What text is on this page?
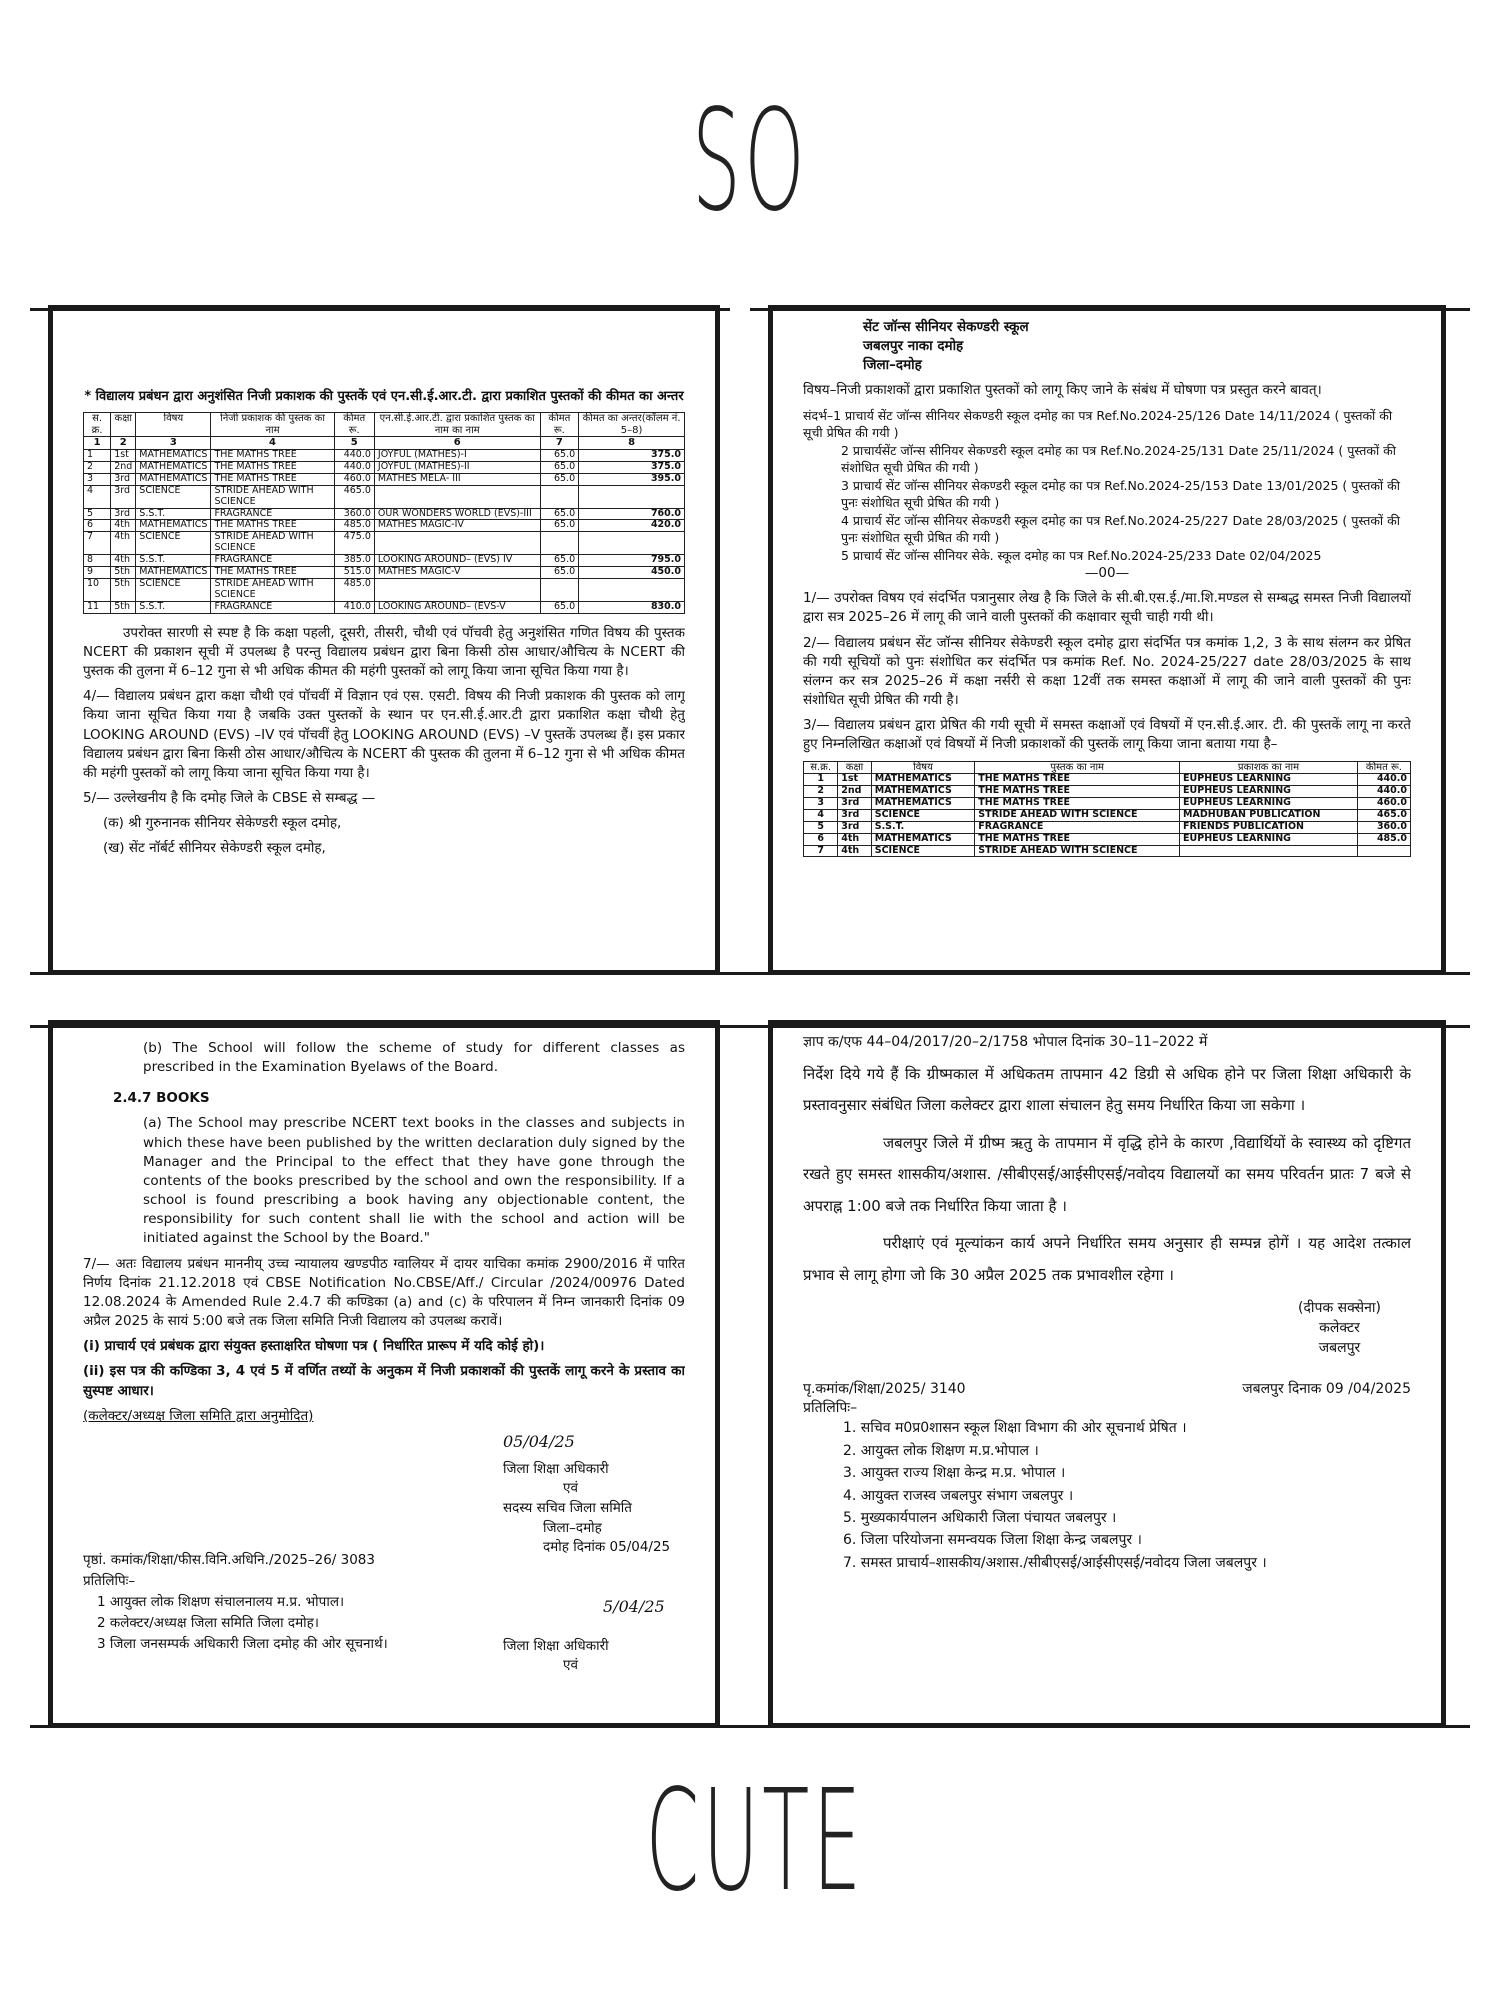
SO

* विद्यालय प्रबंधन द्वारा अनुशंसित निजी प्रकाशक की पुस्तकें एवं एन.सी.ई.आर.टी. द्वारा प्रकाशित पुस्तकों की कीमत का अन्तर

स. क्र.	कक्षा	विषय	निजी प्रकाशक की पुस्तक का नाम	कीमत रू.	एन.सी.ई.आर.टी. द्वारा प्रकाशित पुस्तक का नाम का नाम	कीमत रू.	कीमत का अन्तर(कॉलम नं. 5–8)
1	2	3	4	5	6	7	8
1	1st	MATHEMATICS	THE MATHS TREE	440.0	JOYFUL (MATHES)-I	65.0	375.0
2	2nd	MATHEMATICS	THE MATHS TREE	440.0	JOYFUL (MATHES)-II	65.0	375.0
3	3rd	MATHEMATICS	THE MATHS TREE	460.0	MATHES MELA- III	65.0	395.0
4	3rd	SCIENCE	STRIDE AHEAD WITH SCIENCE	465.0			
5	3rd	S.S.T.	FRAGRANCE	360.0	OUR WONDERS WORLD (EVS)-III	65.0	760.0
6	4th	MATHEMATICS	THE MATHS TREE	485.0	MATHES MAGIC-IV	65.0	420.0
7	4th	SCIENCE	STRIDE AHEAD WITH SCIENCE	475.0			
8	4th	S.S.T.	FRAGRANCE	385.0	LOOKING AROUND– (EVS) IV	65.0	795.0
9	5th	MATHEMATICS	THE MATHS TREE	515.0	MATHES MAGIC-V	65.0	450.0
10	5th	SCIENCE	STRIDE AHEAD WITH SCIENCE	485.0			
11	5th	S.S.T.	FRAGRANCE	410.0	LOOKING AROUND– (EVS-V	65.0	830.0

उपरोक्त सारणी से स्पष्ट है कि कक्षा पहली, दूसरी, तीसरी, चौथी एवं पॉचवी हेतु अनुशंसित गणित विषय की पुस्तक NCERT की प्रकाशन सूची में उपलब्ध है परन्तु विद्यालय प्रबंधन द्वारा बिना किसी ठोस आधार/औचित्य के NCERT की पुस्तक की तुलना में 6–12 गुना से भी अधिक कीमत की महंगी पुस्तकों को लागू किया जाना सूचित किया गया है।

4/— विद्यालय प्रबंधन द्वारा कक्षा चौथी एवं पॉचवीं में विज्ञान एवं एस. एसटी. विषय की निजी प्रकाशक की पुस्तक को लागू किया जाना सूचित किया गया है जबकि उक्त पुस्तकों के स्थान पर एन.सी.ई.आर.टी द्वारा प्रकाशित कक्षा चौथी हेतु LOOKING AROUND (EVS) –IV एवं पॉचवीं हेतु LOOKING AROUND (EVS) –V पुस्तकें उपलब्ध हैं। इस प्रकार विद्यालय प्रबंधन द्वारा बिना किसी ठोस आधार/औचित्य के NCERT की पुस्तक की तुलना में 6–12 गुना से भी अधिक कीमत की महंगी पुस्तकों को लागू किया जाना सूचित किया गया है।

5/— उल्लेखनीय है कि दमोह जिले के CBSE से सम्बद्ध —

(क) श्री गुरुनानक सीनियर सेकेण्डरी स्कूल दमोह,

(ख) सेंट नॉर्बर्ट सीनियर सेकेण्डरी स्कूल दमोह,

सेंट जॉन्स सीनियर सेकण्डरी स्कूल

जबलपुर नाका दमोह

जिला–दमोह

विषय–निजी प्रकाशकों द्वारा प्रकाशित पुस्तकों को लागू किए जाने के संबंध में घोषणा पत्र प्रस्तुत करने बावत्।

संदर्भ–1 प्राचार्य सेंट जॉन्स सीनियर सेकण्डरी स्कूल दमोह का पत्र Ref.No.2024-25/126 Date 14/11/2024 ( पुस्तकों की सूची प्रेषित की गयी )
2 प्राचार्यसेंट जॉन्स सीनियर सेकण्डरी स्कूल दमोह का पत्र Ref.No.2024-25/131 Date 25/11/2024 ( पुस्तकों की संशोधित सूची प्रेषित की गयी )
3 प्राचार्य सेंट जॉन्स सीनियर सेकण्डरी स्कूल दमोह का पत्र Ref.No.2024-25/153 Date 13/01/2025 ( पुस्तकों की पुनः संशोधित सूची प्रेषित की गयी )
4 प्राचार्य सेंट जॉन्स सीनियर सेकण्डरी स्कूल दमोह का पत्र Ref.No.2024-25/227 Date 28/03/2025 ( पुस्तकों की पुनः संशोधित सूची प्रेषित की गयी )
5 प्राचार्य सेंट जॉन्स सीनियर सेके. स्कूल दमोह का पत्र Ref.No.2024-25/233 Date 02/04/2025

—00—

1/— उपरोक्त विषय एवं संदर्भित पत्रानुसार लेख है कि जिले के सी.बी.एस.ई./मा.शि.मण्डल से सम्बद्ध समस्त निजी विद्यालयों द्वारा सत्र 2025–26 में लागू की जाने वाली पुस्तकों की कक्षावार सूची चाही गयी थी।

2/— विद्यालय प्रबंधन सेंट जॉन्स सीनियर सेकेण्डरी स्कूल दमोह द्वारा संदर्भित पत्र कमांक 1,2, 3 के साथ संलग्न कर प्रेषित की गयी सूचियों को पुनः संशोधित कर संदर्भित पत्र कमांक Ref. No. 2024-25/227 date 28/03/2025 के साथ संलग्न कर सत्र 2025–26 में कक्षा नर्सरी से कक्षा 12वीं तक समस्त कक्षाओं में लागू की जाने वाली पुस्तकों की पुनः संशोधित सूची प्रेषित की गयी है।

3/— विद्यालय प्रबंधन द्वारा प्रेषित की गयी सूची में समस्त कक्षाओं एवं विषयों में एन.सी.ई.आर. टी. की पुस्तकें लागू ना करते हुए निम्नलिखित कक्षाओं एवं विषयों में निजी प्रकाशकों की पुस्तकें लागू किया जाना बताया गया है–

स.क्र.	कक्षा	विषय	पुस्तक का नाम	प्रकाशक का नाम	कीमत रू.
1	1st	MATHEMATICS	THE MATHS TREE	EUPHEUS LEARNING	440.0
2	2nd	MATHEMATICS	THE MATHS TREE	EUPHEUS LEARNING	440.0
3	3rd	MATHEMATICS	THE MATHS TREE	EUPHEUS LEARNING	460.0
4	3rd	SCIENCE	STRIDE AHEAD WITH SCIENCE	MADHUBAN PUBLICATION	465.0
5	3rd	S.S.T.	FRAGRANCE	FRIENDS PUBLICATION	360.0
6	4th	MATHEMATICS	THE MATHS TREE	EUPHEUS LEARNING	485.0
7	4th	SCIENCE	STRIDE AHEAD WITH SCIENCE		

(b) The School will follow the scheme of study for different classes as prescribed in the Examination Byelaws of the Board.

2.4.7 BOOKS

(a) The School may prescribe NCERT text books in the classes and subjects in which these have been published by the written declaration duly signed by the Manager and the Principal to the effect that they have gone through the contents of the books prescribed by the school and own the responsibility. If a school is found prescribing a book having any objectionable content, the responsibility for such content shall lie with the school and action will be initiated against the School by the Board."

7/— अतः विद्यालय प्रबंधन माननीय् उच्च न्यायालय खण्डपीठ ग्वालियर में दायर याचिका कमांक 2900/2016 में पारित निर्णय दिनांक 21.12.2018 एवं CBSE Notification No.CBSE/Aff./ Circular /2024/00976 Dated 12.08.2024 के Amended Rule 2.4.7 की कण्डिका (a) and (c) के परिपालन में निम्न जानकारी दिनांक 09 अप्रैल 2025 के सायं 5:00 बजे तक जिला समिति निजी विद्यालय को उपलब्ध करावें।

(i) प्राचार्य एवं प्रबंधक द्वारा संयुक्त हस्ताक्षरित घोषणा पत्र ( निर्धारित प्रारूप में यदि कोई हो)।

(ii) इस पत्र की कण्डिका 3, 4 एवं 5 में वर्णित तथ्यों के अनुकम में निजी प्रकाशकों की पुस्तकें लागू करने के प्रस्ताव का सुस्पष्ट आधार।

(कलेक्टर/अध्यक्ष जिला समिति द्वारा अनुमोदित)

05/04/25
जिला शिक्षा अधिकारी
एवं
सदस्य सचिव जिला समिति
जिला–दमोह
दमोह दिनांक 05/04/25
पृष्ठां. कमांक/शिक्षा/फीस.विनि.अधिनि./2025–26/ 3083
प्रतिलिपिः–
1 आयुक्त लोक शिक्षण संचालनालय म.प्र. भोपाल।
2 कलेक्टर/अध्यक्ष जिला समिति जिला दमोह।
3 जिला जनसम्पर्क अधिकारी जिला दमोह की ओर सूचनार्थ।
5/04/25
जिला शिक्षा अधिकारी
एवं

ज्ञाप क/एफ 44–04/2017/20–2/1758 भोपाल दिनांक 30–11–2022 में

निर्देश दिये गये हैं कि ग्रीष्मकाल में अधिकतम तापमान 42 डिग्री से अधिक होने पर जिला शिक्षा अधिकारी के प्रस्तावनुसार संबंधित जिला कलेक्टर द्वारा शाला संचालन हेतु समय निर्धारित किया जा सकेगा ।

जबलपुर जिले में ग्रीष्म ऋतु के तापमान में वृद्धि होने के कारण ,विद्यार्थियों के स्वास्थ्य को दृष्टिगत रखते हुए समस्त शासकीय/अशास. /सीबीएसई/आईसीएसई/नवोदय विद्यालयों का समय परिवर्तन प्रातः 7 बजे से अपराह्न 1:00 बजे तक निर्धारित किया जाता है ।

परीक्षाएं एवं मूल्यांकन कार्य अपने निर्धारित समय अनुसार ही सम्पन्न होगें । यह आदेश तत्काल प्रभाव से लागू होगा जो कि 30 अप्रैल 2025 तक प्रभावशील रहेगा ।

(दीपक सक्सेना)
कलेक्टर
जबलपुर
पृ.कमांक/शिक्षा/2025/ 3140	जबलपुर दिनाक 09 /04/2025
प्रतिलिपिः–
1. सचिव म0प्र0शासन स्कूल शिक्षा विभाग की ओर सूचनार्थ प्रेषित ।
2. आयुक्त लोक शिक्षण म.प्र.भोपाल ।
3. आयुक्त राज्य शिक्षा केन्द्र म.प्र. भोपाल ।
4. आयुक्त राजस्व जबलपुर संभाग जबलपुर ।
5. मुख्यकार्यपालन अधिकारी जिला पंचायत जबलपुर ।
6. जिला परियोजना समन्वयक जिला शिक्षा केन्द्र जबलपुर ।
7. समस्त प्राचार्य–शासकीय/अशास./सीबीएसई/आईसीएसई/नवोदय जिला जबलपुर ।
CUTE
